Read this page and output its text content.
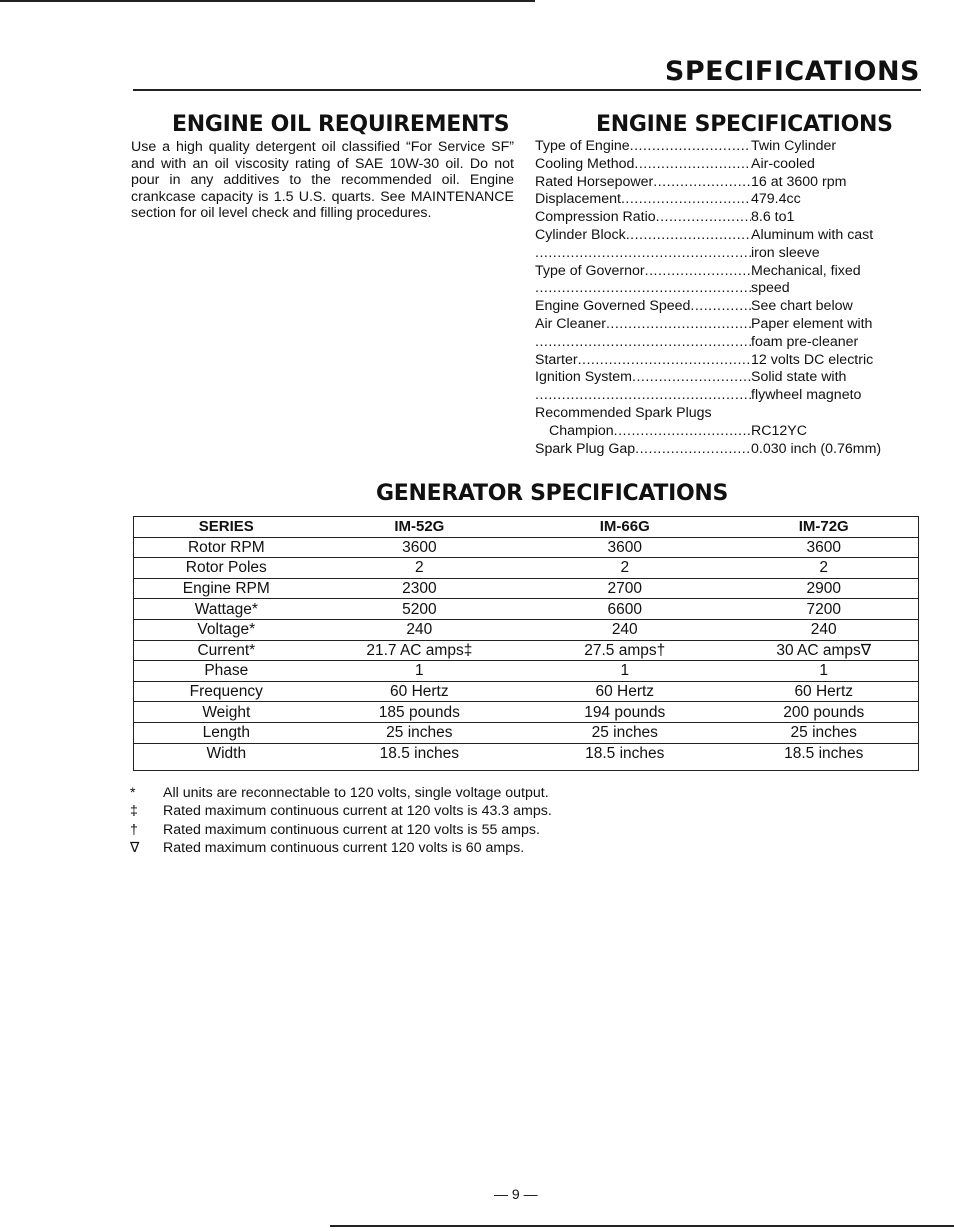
SPECIFICATIONS
ENGINE OIL REQUIREMENTS

Use a high quality detergent oil classified “For Service SF” and with an oil viscosity rating of SAE 10W-30 oil. Do not pour in any additives to the recommended oil. Engine crankcase capacity is 1.5 U.S. quarts. See MAINTENANCE section for oil level check and filling procedures.

ENGINE SPECIFICATIONS
Type of Engine .....	Twin Cylinder
Cooling Method .....	Air-cooled
Rated Horsepower .....	16 at 3600 rpm
Displacement .....	479.4cc
Compression Ratio .....	8.6 to1
Cylinder Block .....	Aluminum with cast
.....
iron sleeve
Type of Governor .....	Mechanical, fixed
.....
speed
Engine Governed Speed .....	See chart below
Air Cleaner .....	Paper element with
.....
foam pre-cleaner
Starter .....	12 volts DC electric
Ignition System .....	Solid state with
.....
flywheel magneto
Recommended Spark Plugs
Champion .....	RC12YC
Spark Plug Gap .....	0.030 inch (0.76mm)
GENERATOR SPECIFICATIONS
SERIES	IM-52G	IM-66G	IM-72G
Rotor RPM	3600	3600	3600
Rotor Poles	2	2	2
Engine RPM	2300	2700	2900
Wattage*	5200	6600	7200
Voltage*	240	240	240
Current*	21.7 AC amps‡	27.5 amps†	30 AC amps∇
Phase	1	1	1
Frequency	60 Hertz	60 Hertz	60 Hertz
Weight	185 pounds	194 pounds	200 pounds
Length	25 inches	25 inches	25 inches
Width	18.5 inches	18.5 inches	18.5 inches
*	All units are reconnectable to 120 volts, single voltage output.
‡	Rated maximum continuous current at 120 volts is 43.3 amps.
†	Rated maximum continuous current at 120 volts is 55 amps.
∇	Rated maximum continuous current 120 volts is 60 amps.
— 9 —
